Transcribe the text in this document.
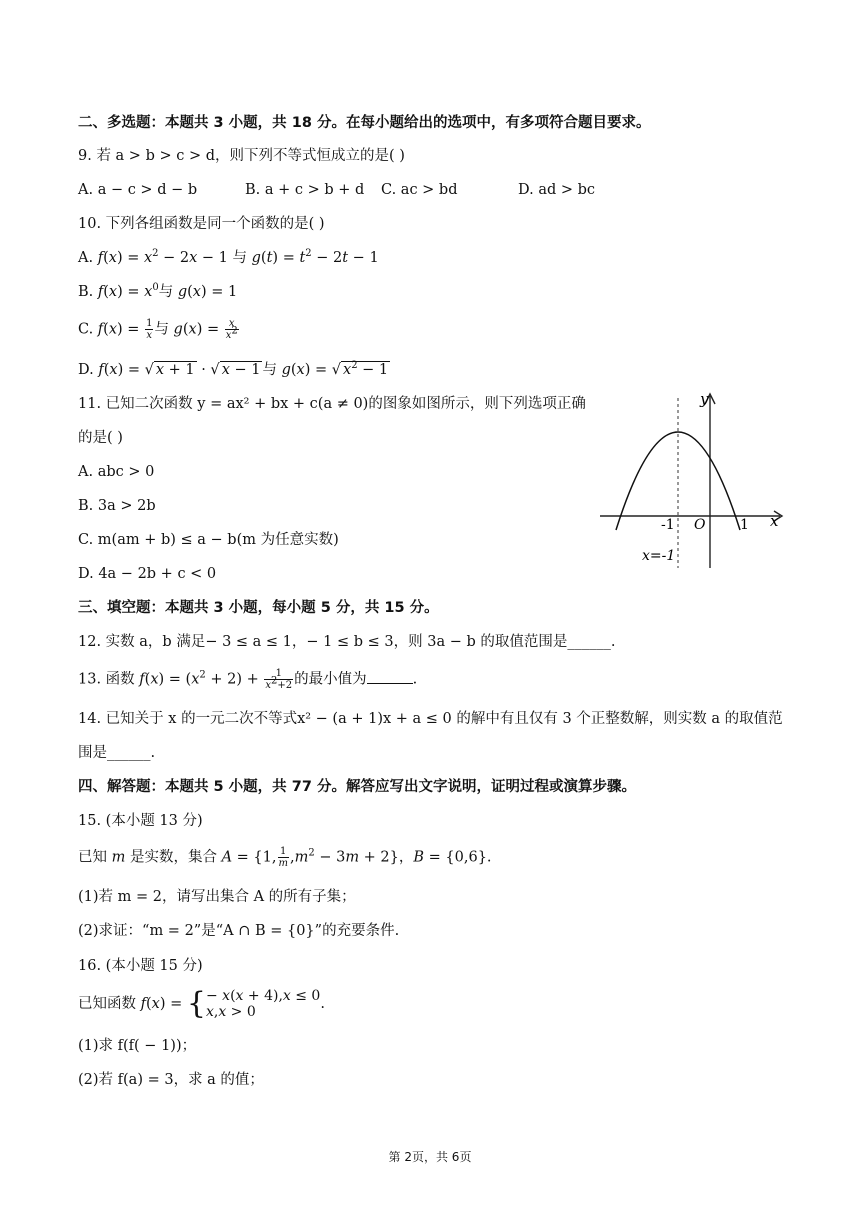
二、多选题：本题共 3 小题，共 18 分。在每小题给出的选项中，有多项符合题目要求。
9. 若 a > b > c > d，则下列不等式恒成立的是( )
A. a − c > d − b	B. a + c > b + d C. ac > bd	D. ad > bc
10. 下列各组函数是同一个函数的是( )
A. $f(x) = x^2 - 2x - 1$ 与 $g(t) = t^2 - 2t - 1$
B. $f(x) = x^0$与 g(x) = 1
C. $f(x) = \frac{1}{x}$ 与 $g(x) = \frac{x}{x^2}$
D. f(x) = √ x + 1 · √ x − 1 与 g(x) = √ $x^2 - 1$
11. 已知二次函数 y = ax² + bx + c(a ≠ 0)的图象如图所示，则下列选项正确
的是( )
A. abc > 0
B. 3a > 2b
C. m(am + b) ≤ a − b(m 为任意实数)
D. 4a − 2b + c < 0
y
x
O
-1	1
x=-1
三、填空题：本题共 3 小题，每小题 5 分，共 15 分。
12. 实数 a，b 满足− 3 ≤ a ≤ 1，− 1 ≤ b ≤ 3，则 3a − b 的取值范围是______.
13. 函数 $f(x) = (x^2 + 2) + \frac{1}{x^2+2}$ 的最小值为	.
14. 已知关于 x 的一元二次不等式x² − (a + 1)x + a ≤ 0 的解中有且仅有 3 个正整数解，则实数 a 的取值范
围是______.
四、解答题：本题共 5 小题，共 77 分。解答应写出文字说明，证明过程或演算步骤。
15. (本小题 13 分)
已知 m 是实数，集合 A = {1, $\frac{1}{m} ,m^2 - 3m + 2$}，B = {0,6}.
(1)若 m = 2，请写出集合 A 的所有子集；
(2)求证：“m = 2”是“A ∩ B = {0}”的充要条件.
16. (本小题 15 分)
已知函数 f(x) = { − x(x + 4),x ≤ 0
x,x > 0	.
(1)求 f(f( − 1))；
(2)若 f(a) = 3，求 a 的值；
第 2页，共 6页
